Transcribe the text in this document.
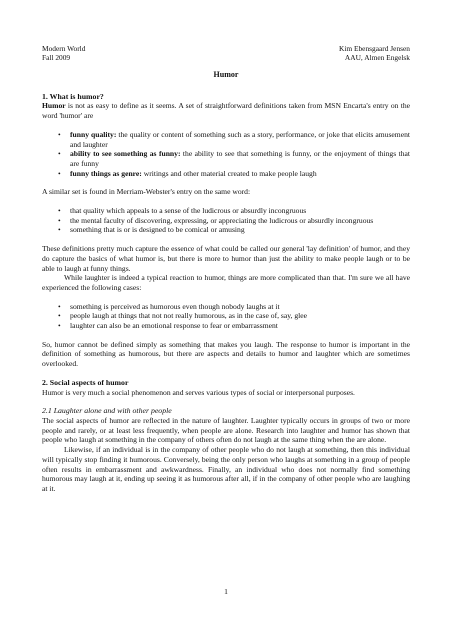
Modern World
Fall 2009
Kim Ebensgaard Jensen
AAU, Almen Engelsk
Humor
1. What is humor?

Humor is not as easy to define as it seems. A set of straightforward definitions taken from MSN Encarta's entry on the word 'humor' are

• funny quality: the quality or content of something such as a story, performance, or joke that elicits amusement and laughter
• ability to see something as funny: the ability to see that something is funny, or the enjoyment of things that are funny
• funny things as genre: writings and other material created to make people laugh

A similar set is found in Merriam-Webster's entry on the same word:

• that quality which appeals to a sense of the ludicrous or absurdly incongruous
• the mental faculty of discovering, expressing, or appreciating the ludicrous or absurdly incongruous
• something that is or is designed to be comical or amusing

These definitions pretty much capture the essence of what could be called our general 'lay definition' of humor, and they do capture the basics of what humor is, but there is more to humor than just the ability to make people laugh or to be able to laugh at funny things.

While laughter is indeed a typical reaction to humor, things are more complicated than that. I'm sure we all have experienced the following cases:

• something is perceived as humorous even though nobody laughs at it
• people laugh at things that not not really humorous, as in the case of, say, glee
• laughter can also be an emotional response to fear or embarrassment

So, humor cannot be defined simply as something that makes you laugh. The response to humor is important in the definition of something as humorous, but there are aspects and details to humor and laughter which are sometimes overlooked.

2. Social aspects of humor

Humor is very much a social phenomenon and serves various types of social or interpersonal purposes.

2.1 Laughter alone and with other people

The social aspects of humor are reflected in the nature of laughter. Laughter typically occurs in groups of two or more people and rarely, or at least less frequently, when people are alone. Research into laughter and humor has shown that people who laugh at something in the company of others often do not laugh at the same thing when the are alone.

Likewise, if an individual is in the company of other people who do not laugh at something, then this individual will typically stop finding it humorous. Conversely, being the only person who laughs at something in a group of people often results in embarrassment and awkwardness. Finally, an individual who does not normally find something humorous may laugh at it, ending up seeing it as humorous after all, if in the company of other people who are laughing at it.

1
